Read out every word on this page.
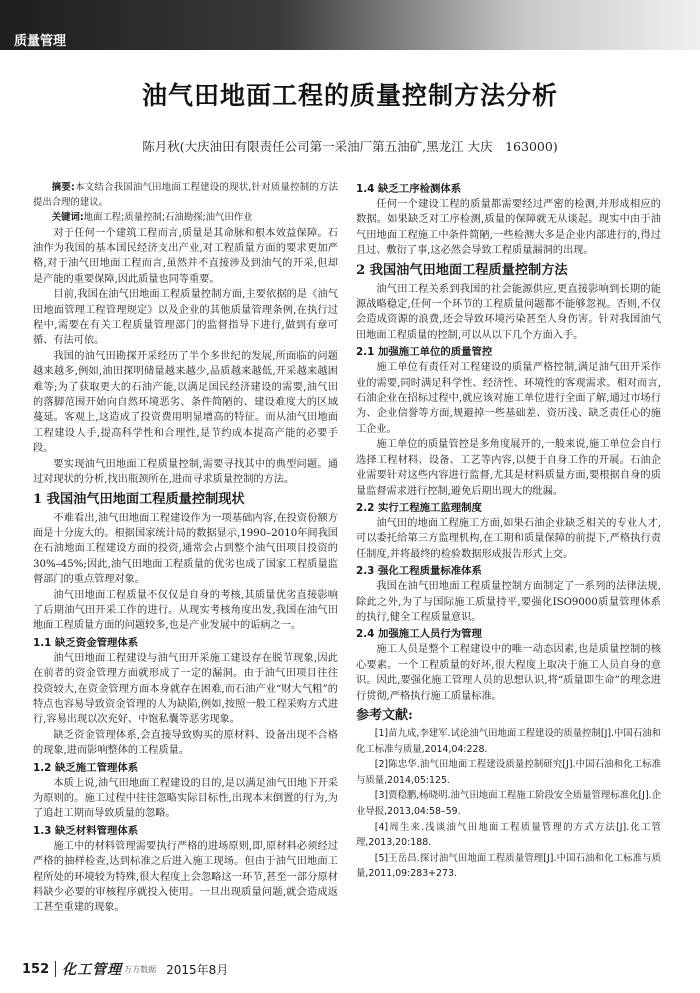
质量管理
油气田地面工程的质量控制方法分析
陈月秋(大庆油田有限责任公司第一采油厂第五油矿,黑龙江 大庆　163000)

摘要:本文结合我国油气田地面工程建设的现状,针对质量控制的方法提出合理的建议。

关键词:地面工程;质量控制;石油勘探;油气田作业

对于任何一个建筑工程而言,质量是其命脉和根本效益保障。石油作为我国的基本国民经济支出产业,对工程质量方面的要求更加严格,对于油气田地面工程而言,虽然并不直接涉及到油气的开采,但却是产能的重要保障,因此质量也同等重要。

目前,我国在油气田地面工程质量控制方面,主要依据的是《油气田地面管理工程管理规定》以及企业的其他质量管理条例,在执行过程中,需要在有关工程质量管理部门的监督指导下进行,做到有章可循、有法可依。

我国的油气田勘探开采经历了半个多世纪的发展,所面临的问题越来越多,例如,油田探明储量越来越少,品质越来越低,开采越来越困难等;为了获取更大的石油产能,以满足国民经济建设的需要,油气田的落脚范围开始向自然环境恶劣、条件简陋的、建设难度大的区域蔓延。客观上,这造成了投资费用明显增高的特征。而从油气田地面工程建设人手,提高科学性和合理性,是节约成本提高产能的必要手段。

要实现油气田地面工程质量控制,需要寻找其中的典型问题。通过对现状的分析,找出瓶颈所在,进而寻求质量控制的方法。

1 我国油气田地面工程质量控制现状

不难看出,油气田地面工程建设作为一项基础内容,在投资份额方面是十分庞大的。根据国家统计局的数据显示,1990–2010年间我国在石油地面工程建设方面的投资,通常会占到整个油气田项目投资的30%–45%;因此,油气田地面工程质量的优劣也成了国家工程质量监督部门的重点管理对象。

油气田地面工程质量不仅仅是自身的考核,其质量优劣直接影响了后期油气田开采工作的进行。从现实考核角度出发,我国在油气田地面工程质量方面的问题较多,也是产业发展中的诟病之一。

1.1 缺乏资金管理体系

油气田地面工程建设与油气田开采施工建设存在脱节现象,因此在前者的资金管理方面就形成了一定的漏洞。由于油气田项目往往投资较大,在资金管理方面本身就存在困难,而石油产业“财大气粗”的特点也容易导致资金管理的人为缺陷,例如,按照一般工程采购方式进行,容易出现以次充好、中饱私囊等恶劣现象。

缺乏资金管理体系,会直接导致购买的原材料、设备出现不合格的现象,进而影响整体的工程质量。

1.2 缺乏施工管理体系

本质上说,油气田地面工程建设的目的,是以满足油气田地下开采为原则的。施工过程中往往忽略实际目标性,出现本末倒置的行为,为了追赶工期而导致质量的忽略。

1.3 缺乏材料管理体系

施工中的材料管理需要执行严格的进场原则,即,原材料必须经过严格的抽样检查,达到标准之后进入施工现场。但由于油气田地面工程所处的环境较为特殊,很大程度上会忽略这一环节,甚至一部分原材料缺少必要的审核程序就投入使用。一旦出现质量问题,就会造成返工甚至重建的现象。

1.4 缺乏工序检测体系

任何一个建设工程的质量都需要经过严密的检测,并形成相应的数据。如果缺乏对工序检测,质量的保障就无从谈起。现实中由于油气田地面工程施工中条件简陋,一些检测大多是企业内部进行的,得过且过、敷衍了事,这必然会导致工程质量漏洞的出现。

2 我国油气田地面工程质量控制方法

油气田工程关系到我国的社会能源供应,更直接影响到长期的能源战略稳定,任何一个环节的工程质量问题都不能够忽视。否则,不仅会造成资源的浪费,还会导致环境污染甚至人身伤害。针对我国油气田地面工程质量的控制,可以从以下几个方面入手。

2.1 加强施工单位的质量管控

施工单位有责任对工程建设的质量严格控制,满足油气田开采作业的需要,同时满足科学性、经济性、环境性的客观需求。相对而言,石油企业在招标过程中,就应该对施工单位进行全面了解,通过市场行为、企业信誉等方面,规避掉一些基础差、资历浅、缺乏责任心的施工企业。

施工单位的质量管控是多角度展开的,一般来说,施工单位会自行选择工程材料、设备、工艺等内容,以便于自身工作的开展。石油企业需要针对这些内容进行监督,尤其是材料质量方面,要根据自身的质量监督需求进行控制,避免后期出现大的纰漏。

2.2 实行工程施工监理制度

油气田的地面工程施工方面,如果石油企业缺乏相关的专业人才,可以委托给第三方监理机构,在工期和质量保障的前提下,严格执行责任制度,并将最终的检验数据形成报告形式上交。

2.3 强化工程质量标准体系

我国在油气田地面工程质量控制方面制定了一系列的法律法规,除此之外,为了与国际施工质量持平,要强化ISO9000质量管理体系的执行,健全工程质量意识。

2.4 加强施工人员行为管理

施工人员是整个工程建设中的唯一动态因素,也是质量控制的核心要素。一个工程质量的好坏,很大程度上取决于施工人员自身的意识。因此,要强化施工管理人员的思想认识,将“质量即生命”的理念进行贯彻,严格执行施工质量标准。

参考文献:

[1]苗九成,李建军.试论油气田地面工程建设的质量控制[J].中国石油和化工标准与质量,2014,04:228.

[2]陈忠华.油气田地面工程建设质量控制研究[J].中国石油和化工标准与质量,2014,05:125.

[3]贾稳鹏,杨晓明.油气田地面工程施工阶段安全质量管理标准化[J].企业导报,2013,04:58–59.

[4]周生来.浅谈油气田地面工程质量管理的方式方法[J].化工管理,2013,20:188.

[5]王岳昌.探讨油气田地面工程质量管理[J].中国石油和化工标准与质量,2011,09:283+273.

152 化工管理 万方数据 2015年8月
